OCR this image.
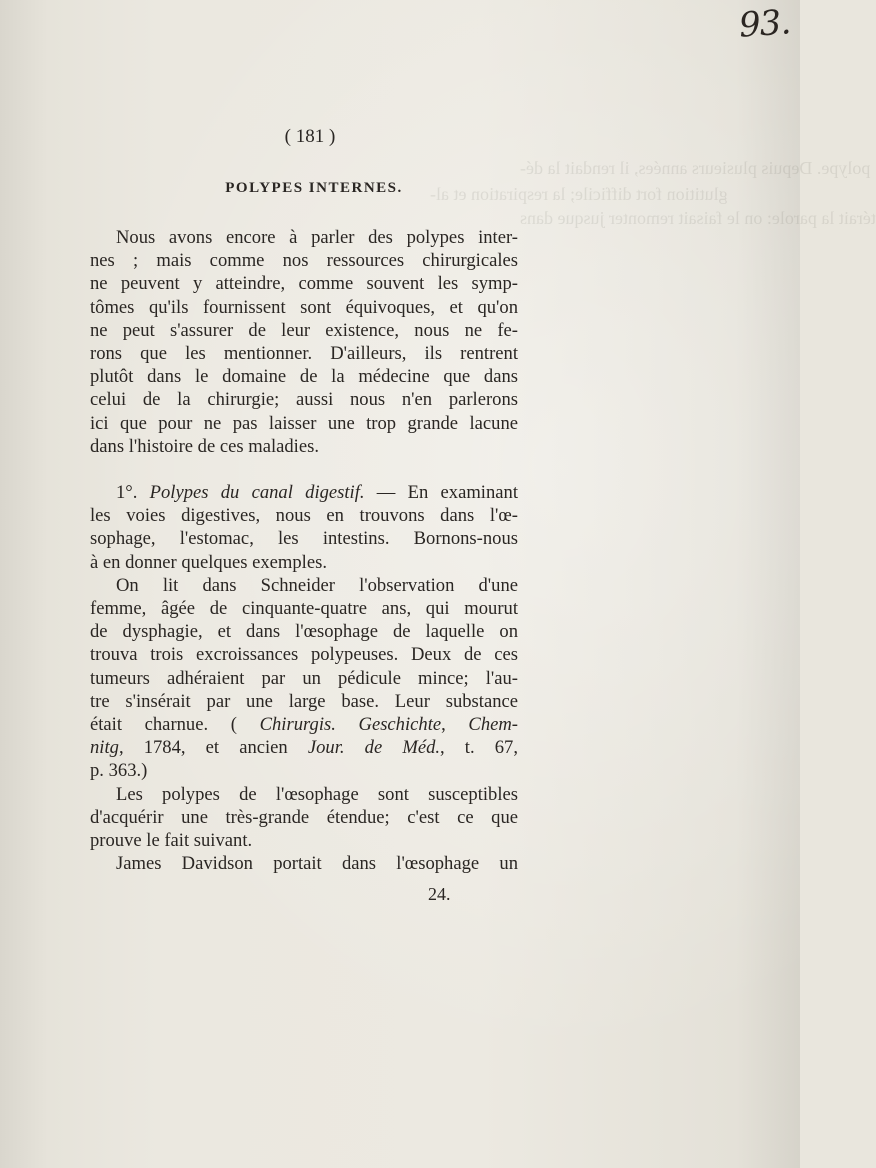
polype. Depuis plusieurs années, il rendait la dé-
glutition fort difficile; la respiration et al-
térait la parole: on le faisait remonter jusque dans
93.
( 181 )
POLYPES INTERNES.
Nous avons encore à parler des polypes inter-
nes ; mais comme nos ressources chirurgicales
ne peuvent y atteindre, comme souvent les symp-
tômes qu'ils fournissent sont équivoques, et qu'on
ne peut s'assurer de leur existence, nous ne fe-
rons que les mentionner. D'ailleurs, ils rentrent
plutôt dans le domaine de la médecine que dans
celui de la chirurgie; aussi nous n'en parlerons
ici que pour ne pas laisser une trop grande lacune
dans l'histoire de ces maladies.
1°. Polypes du canal digestif. — En examinant
les voies digestives, nous en trouvons dans l'œ-
sophage, l'estomac, les intestins. Bornons-nous
à en donner quelques exemples.
On lit dans Schneider l'observation d'une
femme, âgée de cinquante-quatre ans, qui mourut
de dysphagie, et dans l'œsophage de laquelle on
trouva trois excroissances polypeuses. Deux de ces
tumeurs adhéraient par un pédicule mince; l'au-
tre s'insérait par une large base. Leur substance
était charnue. ( Chirurgis. Geschichte, Chem-
nitg, 1784, et ancien Jour. de Méd., t. 67,
p. 363.)
Les polypes de l'œsophage sont susceptibles
d'acquérir une très-grande étendue; c'est ce que
prouve le fait suivant.
James Davidson portait dans l'œsophage un
24.
